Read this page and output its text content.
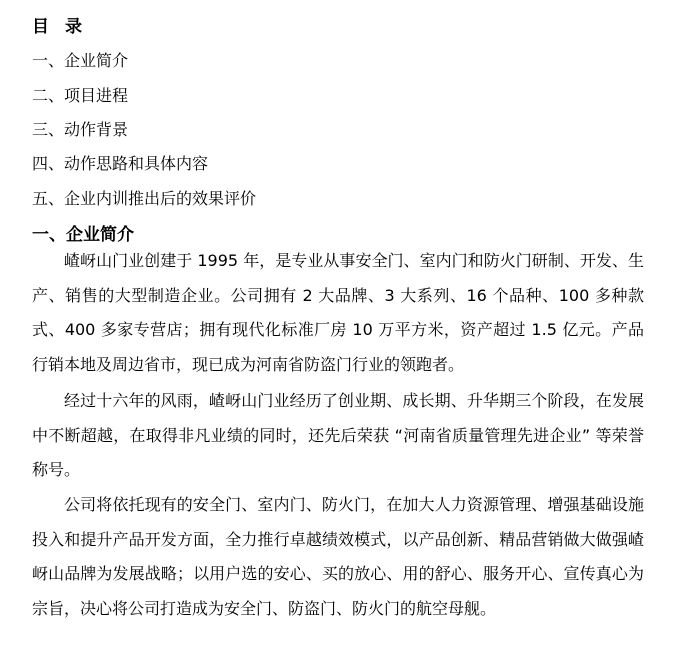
目录
一、企业简介
二、项目进程
三、动作背景
四、动作思路和具体内容
五、企业内训推出后的效果评价
一、企业简介

嵖岈山门业创建于 1995 年，是专业从事安全门、室内门和防火门研制、开发、生产、销售的大型制造企业。公司拥有 2 大品牌、3 大系列、16 个品种、100 多种款式、400 多家专营店；拥有现代化标准厂房 10 万平方米，资产超过 1.5 亿元。产品行销本地及周边省市，现已成为河南省防盗门行业的领跑者。

经过十六年的风雨，嵖岈山门业经历了创业期、成长期、升华期三个阶段，在发展中不断超越，在取得非凡业绩的同时，还先后荣获 “河南省质量管理先进企业” 等荣誉称号。

公司将依托现有的安全门、室内门、防火门，在加大人力资源管理、增强基础设施投入和提升产品开发方面，全力推行卓越绩效模式，以产品创新、精品营销做大做强嵖岈山品牌为发展战略；以用户选的安心、买的放心、用的舒心、服务开心、宣传真心为宗旨，决心将公司打造成为安全门、防盗门、防火门的航空母舰。
